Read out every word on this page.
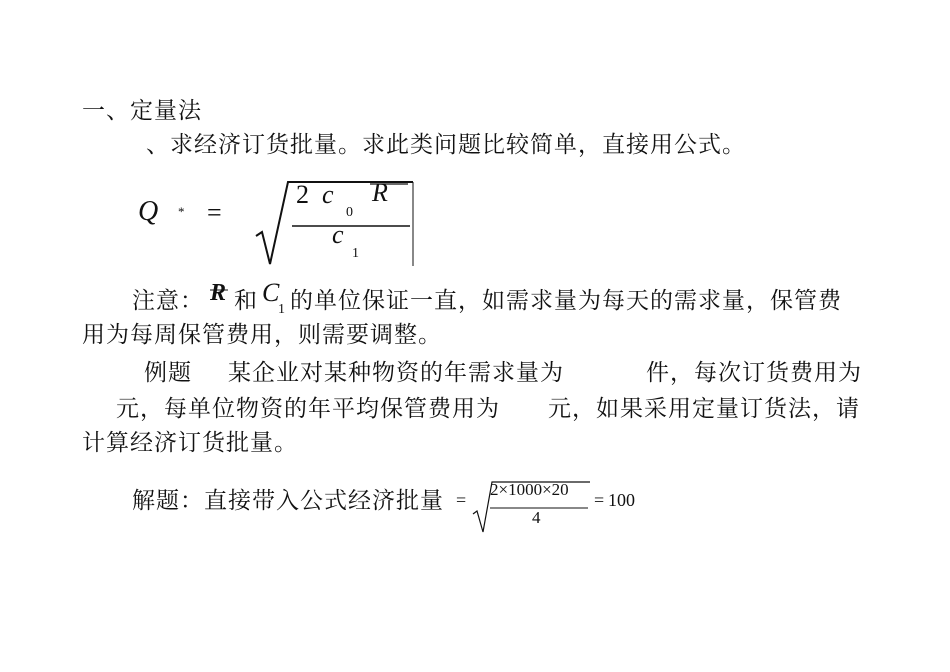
一、定量法
、求经济订货批量。求此类问题比较简单，直接用公式。
Q * =
2 c
0
R
c
1
注意： R 和 C
1 的单位保证一直，如需求量为每天的需求量，保管费
用为每周保管费用，则需要调整。
例题 某企业对某种物资的年需求量为	件，每次订货费用为
元，每单位物资的年平均保管费用为 元，如果采用定量订货法，请
计算经济订货批量。
解题：直接带入公式经济批量 =
2×1000×20
4
= 100
